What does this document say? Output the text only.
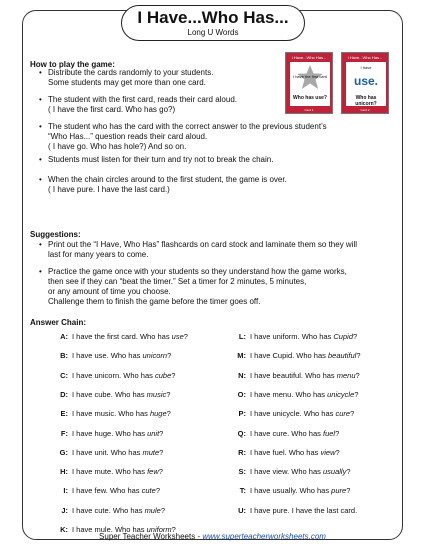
I Have...Who Has...
Long U Words
How to play the game:
• Distribute the cards randomly to your students.
Some students may get more than one card.
• The student with the first card, reads their card aloud.
( I have the first card. Who has go?)
• The student who has the card with the correct answer to the previous student’s
“Who Has...” question reads their card aloud.
( I have go. Who has hole?) And so on.
• Students must listen for their turn and try not to break the chain.
• When the chain circles around to the first student, the game is over.
( I have pure. I have the last card.)
I Have...Who Has...
I have the first card
Who has use?
Card 1
I Have...Who Has...
I have
use.
Who has unicorn?
Card 2
Suggestions:
• Print out the “I Have, Who Has” flashcards on card stock and laminate them so they will
last for many years to come.
• Practice the game once with your students so they understand how the game works,
then see if they can “beat the timer.” Set a timer for 2 minutes, 5 minutes,
or any amount of time you choose.
Challenge them to finish the game before the timer goes off.
Answer Chain:
A: I have the first card. Who has use?
B: I have use. Who has unicorn?
C: I have unicorn. Who has cube?
D: I have cube. Who has music?
E: I have music. Who has huge?
F: I have huge. Who has unit?
G: I have unit. Who has mute?
H: I have mute. Who has few?
I: I have few. Who has cute?
J: I have cute. Who has mule?
K: I have mule. Who has uniform?
L: I have uniform. Who has Cupid?
M: I have Cupid. Who has beautiful?
N: I have beautiful. Who has menu?
O: I have menu. Who has unicycle?
P: I have unicycle. Who has cure?
Q: I have cure. Who has fuel?
R: I have fuel. Who has view?
S: I have view. Who has usually?
T: I have usually. Who has pure?
U: I have pure. I have the last card.
Super Teacher Worksheets - www.superteacherworksheets.com
